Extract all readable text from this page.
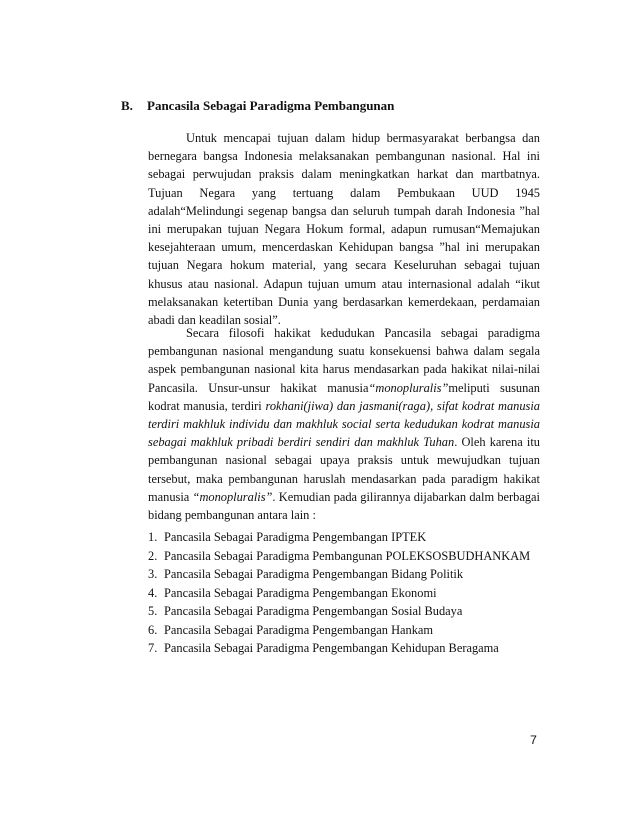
B. Pancasila Sebagai Paradigma Pembangunan

Untuk mencapai tujuan dalam hidup bermasyarakat berbangsa dan bernegara bangsa Indonesia melaksanakan pembangunan nasional. Hal ini sebagai perwujudan praksis dalam meningkatkan harkat dan martbatnya. Tujuan Negara yang tertuang dalam Pembukaan UUD 1945 adalah“Melindungi segenap bangsa dan seluruh tumpah darah Indonesia ”hal ini merupakan tujuan Negara Hokum formal, adapun rumusan“Memajukan kesejahteraan umum, mencerdaskan Kehidupan bangsa ”hal ini merupakan tujuan Negara hokum material, yang secara Keseluruhan sebagai tujuan khusus atau nasional. Adapun tujuan umum atau internasional adalah “ikut melaksanakan ketertiban Dunia yang berdasarkan kemerdekaan, perdamaian abadi dan keadilan sosial”.

Secara filosofi hakikat kedudukan Pancasila sebagai paradigma pembangunan nasional mengandung suatu konsekuensi bahwa dalam segala aspek pembangunan nasional kita harus mendasarkan pada hakikat nilai-nilai Pancasila. Unsur-unsur hakikat manusia“monopluralis”meliputi susunan kodrat manusia, terdiri rokhani(jiwa) dan jasmani(raga), sifat kodrat manusia terdiri makhluk individu dan makhluk social serta kedudukan kodrat manusia sebagai makhluk pribadi berdiri sendiri dan makhluk Tuhan. Oleh karena itu pembangunan nasional sebagai upaya praksis untuk mewujudkan tujuan tersebut, maka pembangunan haruslah mendasarkan pada paradigm hakikat manusia “monopluralis”. Kemudian pada gilirannya dijabarkan dalm berbagai bidang pembangunan antara lain :

1. Pancasila Sebagai Paradigma Pengembangan IPTEK
2. Pancasila Sebagai Paradigma Pembangunan POLEKSOSBUDHANKAM
3. Pancasila Sebagai Paradigma Pengembangan Bidang Politik
4. Pancasila Sebagai Paradigma Pengembangan Ekonomi
5. Pancasila Sebagai Paradigma Pengembangan Sosial Budaya
6. Pancasila Sebagai Paradigma Pengembangan Hankam
7. Pancasila Sebagai Paradigma Pengembangan Kehidupan Beragama
7
